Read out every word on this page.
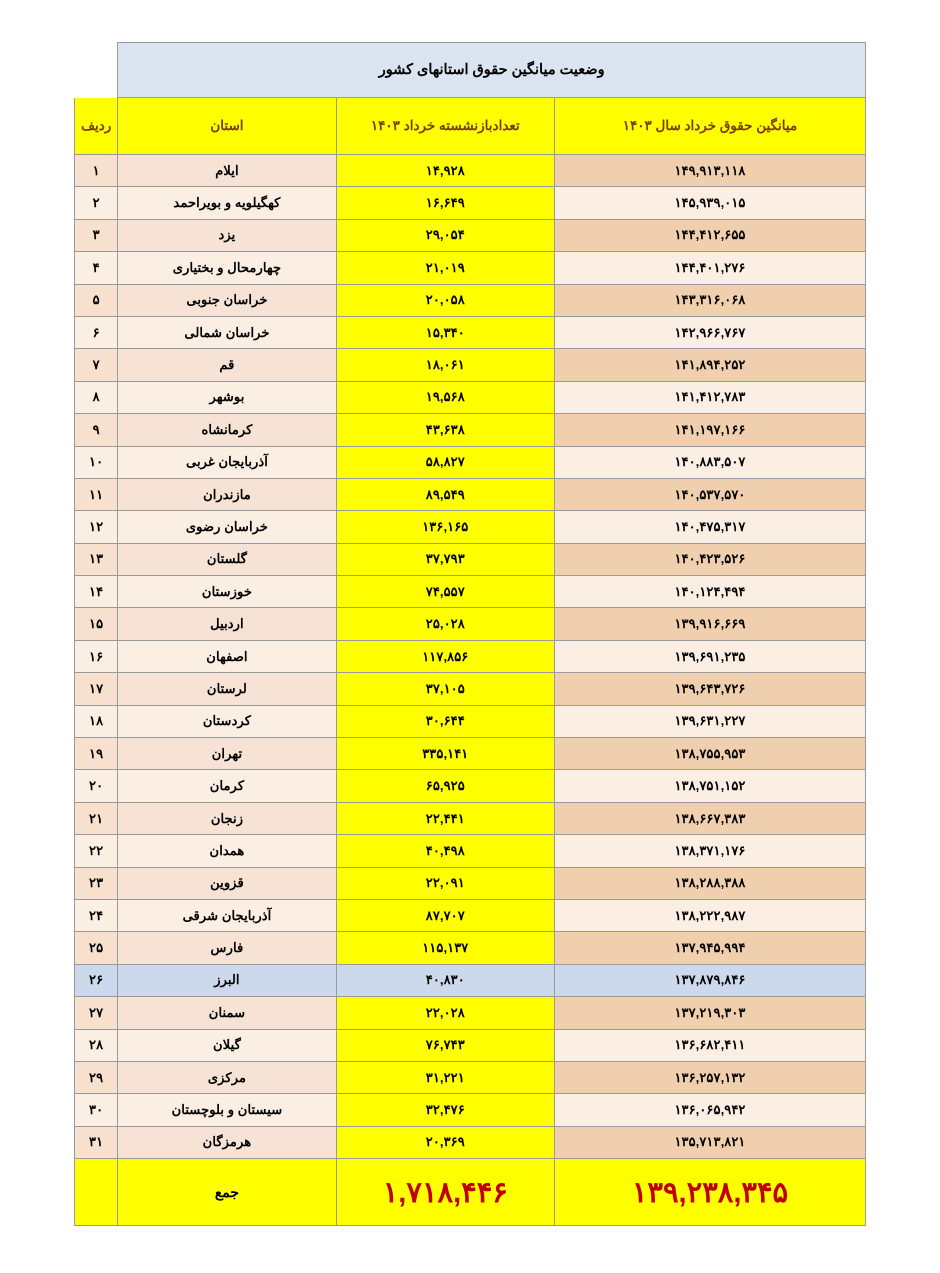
وضعیت میانگین حقوق استانهای کشور			
میانگین حقوق خرداد سال ۱۴۰۳	تعدادبازنشسته خرداد ۱۴۰۳	استان	ردیف
۱۴۹,۹۱۳,۱۱۸	۱۴,۹۲۸	ایلام	۱
۱۴۵,۹۳۹,۰۱۵	۱۶,۶۴۹	کهگیلویه و بویراحمد	۲
۱۴۴,۴۱۲,۶۵۵	۲۹,۰۵۴	یزد	۳
۱۴۴,۴۰۱,۲۷۶	۲۱,۰۱۹	چهارمحال و بختیاری	۴
۱۴۳,۳۱۶,۰۶۸	۲۰,۰۵۸	خراسان جنوبی	۵
۱۴۲,۹۶۶,۷۶۷	۱۵,۳۴۰	خراسان شمالی	۶
۱۴۱,۸۹۴,۲۵۲	۱۸,۰۶۱	قم	۷
۱۴۱,۴۱۲,۷۸۳	۱۹,۵۶۸	بوشهر	۸
۱۴۱,۱۹۷,۱۶۶	۴۳,۶۳۸	کرمانشاه	۹
۱۴۰,۸۸۳,۵۰۷	۵۸,۸۲۷	آذربایجان غربی	۱۰
۱۴۰,۵۳۷,۵۷۰	۸۹,۵۴۹	مازندران	۱۱
۱۴۰,۴۷۵,۳۱۷	۱۳۶,۱۶۵	خراسان رضوی	۱۲
۱۴۰,۴۲۳,۵۲۶	۳۷,۷۹۳	گلستان	۱۳
۱۴۰,۱۲۴,۴۹۴	۷۴,۵۵۷	خوزستان	۱۴
۱۳۹,۹۱۶,۶۶۹	۲۵,۰۲۸	اردبیل	۱۵
۱۳۹,۶۹۱,۲۳۵	۱۱۷,۸۵۶	اصفهان	۱۶
۱۳۹,۶۴۳,۷۲۶	۳۷,۱۰۵	لرستان	۱۷
۱۳۹,۶۳۱,۲۲۷	۳۰,۶۴۴	کردستان	۱۸
۱۳۸,۷۵۵,۹۵۳	۳۳۵,۱۴۱	تهران	۱۹
۱۳۸,۷۵۱,۱۵۲	۶۵,۹۲۵	کرمان	۲۰
۱۳۸,۶۶۷,۳۸۳	۲۲,۴۴۱	زنجان	۲۱
۱۳۸,۳۷۱,۱۷۶	۴۰,۴۹۸	همدان	۲۲
۱۳۸,۲۸۸,۳۸۸	۲۲,۰۹۱	قزوین	۲۳
۱۳۸,۲۲۲,۹۸۷	۸۷,۷۰۷	آذربایجان شرقی	۲۴
۱۳۷,۹۴۵,۹۹۴	۱۱۵,۱۳۷	فارس	۲۵
۱۳۷,۸۷۹,۸۴۶	۴۰,۸۳۰	البرز	۲۶
۱۳۷,۲۱۹,۳۰۳	۲۲,۰۲۸	سمنان	۲۷
۱۳۶,۶۸۲,۴۱۱	۷۶,۷۴۳	گیلان	۲۸
۱۳۶,۲۵۷,۱۳۲	۳۱,۲۲۱	مرکزی	۲۹
۱۳۶,۰۶۵,۹۴۲	۳۲,۴۷۶	سیستان و بلوچستان	۳۰
۱۳۵,۷۱۳,۸۲۱	۲۰,۳۶۹	هرمزگان	۳۱
۱۳۹,۲۳۸,۳۴۵	۱,۷۱۸,۴۴۶	جمع	
